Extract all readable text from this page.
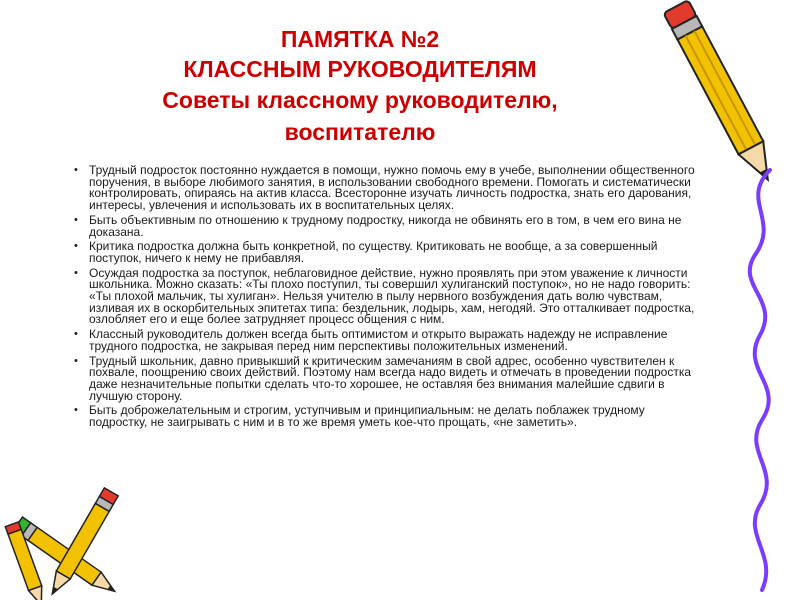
ПАМЯТКА №2
КЛАССНЫМ РУКОВОДИТЕЛЯМ
Советы классному руководителю,
воспитателю
• Трудный подросток постоянно нуждается в помощи, нужно помочь ему в учебе, выполнении общественного поручения, в выборе любимого занятия, в использовании свободного времени. Помогать и систематически контролировать, опираясь на актив класса. Всесторонне изучать личность подростка, знать его дарования, интересы, увлечения и использовать их в воспитательных целях.
• Быть объективным по отношению к трудному подростку, никогда не обвинять его в том, в чем его вина не доказана.
• Критика подростка должна быть конкретной, по существу. Критиковать не вообще, а за совершенный поступок, ничего к нему не прибавляя.
• Осуждая подростка за поступок, неблаговидное действие, нужно проявлять при этом уважение к личности школьника. Можно сказать: «Ты плохо поступил, ты совершил хулиганский поступок», но не надо говорить: «Ты плохой мальчик, ты хулиган». Нельзя учителю в пылу нервного возбуждения дать волю чувствам, изливая их в оскорбительных эпитетах типа: бездельник, лодырь, хам, негодяй. Это отталкивает подростка, озлобляет его и еще более затрудняет процесс общения с ним.
• Классный руководитель должен всегда быть оптимистом и открыто выражать надежду не исправление трудного подростка, не закрывая перед ним перспективы положительных изменений.
• Трудный школьник, давно привыкший к критическим замечаниям в свой адрес, особенно чувствителен к похвале, поощрению своих действий. Поэтому нам всегда надо видеть и отмечать в проведении подростка даже незначительные попытки сделать что-то хорошее, не оставляя без внимания малейшие сдвиги в лучшую сторону.
• Быть доброжелательным и строгим, уступчивым и принципиальным: не делать поблажек трудному подростку, не заигрывать с ним и в то же время уметь кое-что прощать, «не заметить».
